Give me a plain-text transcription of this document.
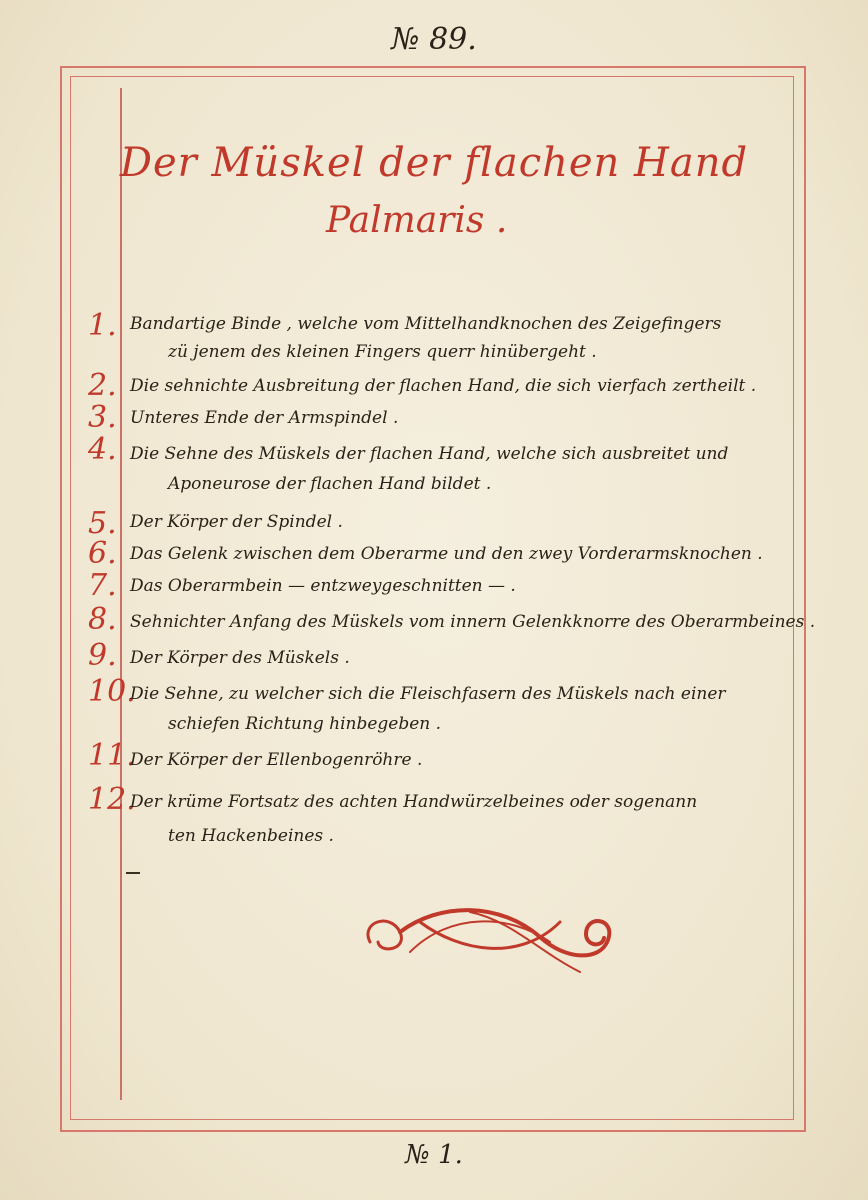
№ 89.
Der Müskel der flachen Hand
Palmaris .
1. Bandartige Binde , welche vom Mittelhandknochen des Zeigefingers
zü jenem des kleinen Fingers querr hinübergeht .
2. Die sehnichte Ausbreitung der flachen Hand, die sich vierfach zertheilt .
3. Unteres Ende der Armspindel .
4. Die Sehne des Müskels der flachen Hand, welche sich ausbreitet und
Aponeurose der flachen Hand bildet .
5. Der Körper der Spindel .
6. Das Gelenk zwischen dem Oberarme und den zwey Vorderarmsknochen .
7. Das Oberarmbein — entzweygeschnitten — .
8. Sehnichter Anfang des Müskels vom innern Gelenkknorre des Oberarmbeines .
9. Der Körper des Müskels .
10.
Die Sehne, zu welcher sich die Fleischfasern des Müskels nach einer
schiefen Richtung hinbegeben .
11.
Der Körper der Ellenbogenröhre .
12.
Der krüme Fortsatz des achten Handwürzelbeines oder sogenann
ten Hackenbeines .
№ 1.
